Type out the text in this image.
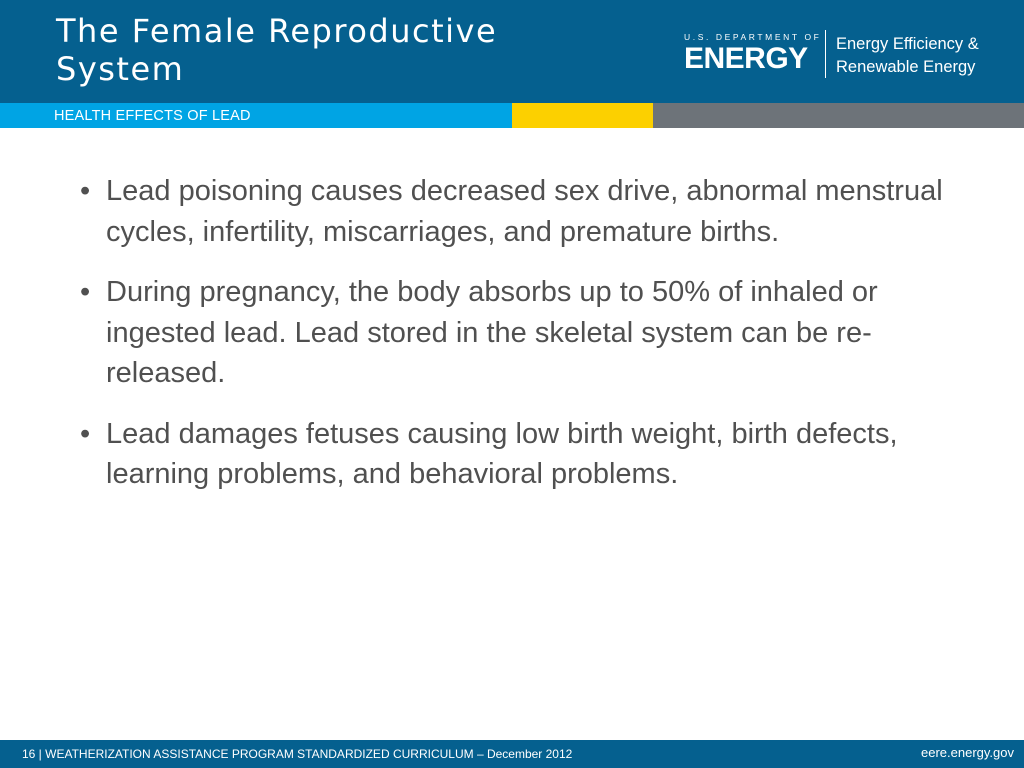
The Female Reproductive
System
U.S. DEPARTMENT OF
ENERGY Energy Efficiency &
Renewable Energy
HEALTH EFFECTS OF LEAD
• Lead poisoning causes decreased sex drive, abnormal menstrual cycles, infertility, miscarriages, and premature births.
• During pregnancy, the body absorbs up to 50% of inhaled or ingested lead. Lead stored in the skeletal system can be re-released.
• Lead damages fetuses causing low birth weight, birth defects, learning problems, and behavioral problems.
16 | WEATHERIZATION ASSISTANCE PROGRAM STANDARDIZED CURRICULUM – December 2012	eere.energy.gov
